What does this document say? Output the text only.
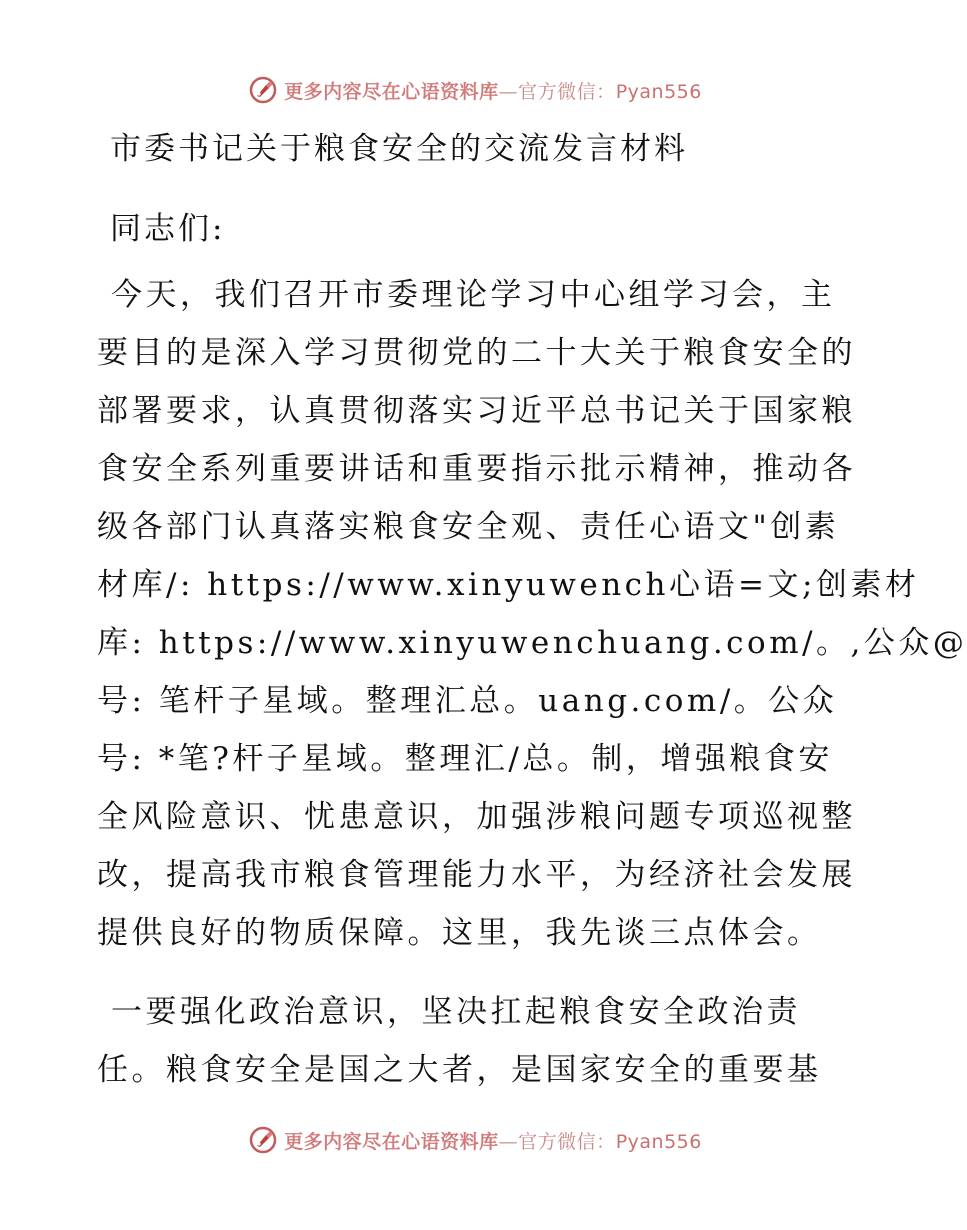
更多内容尽在心语资料库—官方微信：Pyan556
市委书记关于粮食安全的交流发言材料
同志们:
今天，我们召开市委理论学习中心组学习会，主
要目的是深入学习贯彻党的二十大关于粮食安全的
部署要求，认真贯彻落实习近平总书记关于国家粮
食安全系列重要讲话和重要指示批示精神，推动各
级各部门认真落实粮食安全观、责任心语文"创素
材库/: https://www.xinyuwench心语=文;创素材
库: https://www.xinyuwenchuang.com/。,公众@
号: 笔杆子星域。整理汇总。uang.com/。公众
号: *笔?杆子星域。整理汇/总。制，增强粮食安
全风险意识、忧患意识，加强涉粮问题专项巡视整
改，提高我市粮食管理能力水平，为经济社会发展
提供良好的物质保障。这里，我先谈三点体会。
一要强化政治意识，坚决扛起粮食安全政治责
任。粮食安全是国之大者，是国家安全的重要基
更多内容尽在心语资料库—官方微信：Pyan556
